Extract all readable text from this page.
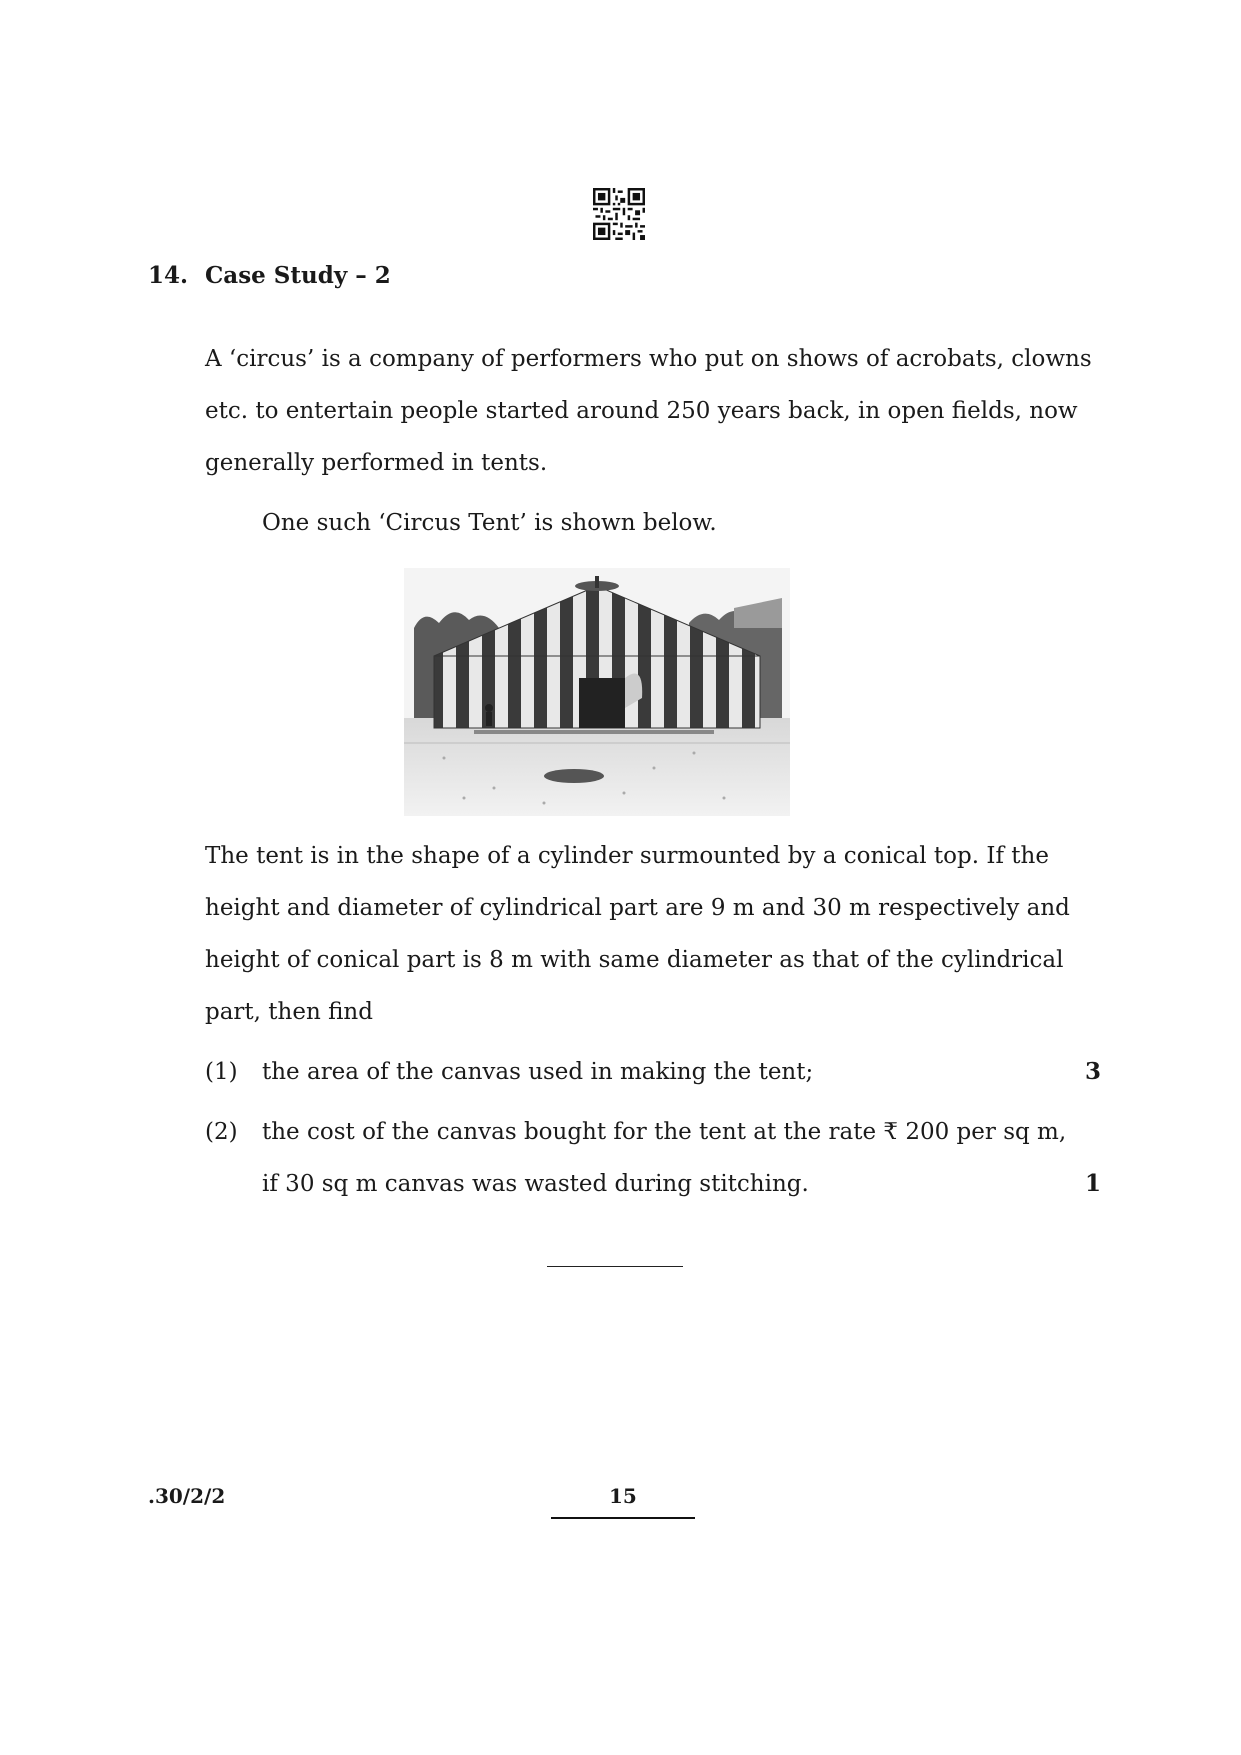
14. Case Study – 2
A ‘circus’ is a company of performers who put on shows of acrobats, clowns
etc. to entertain people started around 250 years back, in open fields, now
generally performed in tents.
One such ‘Circus Tent’ is shown below.
The tent is in the shape of a cylinder surmounted by a conical top. If the
height and diameter of cylindrical part are 9 m and 30 m respectively and
height of conical part is 8 m with same diameter as that of the cylindrical
part, then find
(1) the area of the canvas used in making the tent;	3
(2) the cost of the canvas bought for the tent at the rate ₹ 200 per sq m,
if 30 sq m canvas was wasted during stitching.	1
.30/2/2	15
